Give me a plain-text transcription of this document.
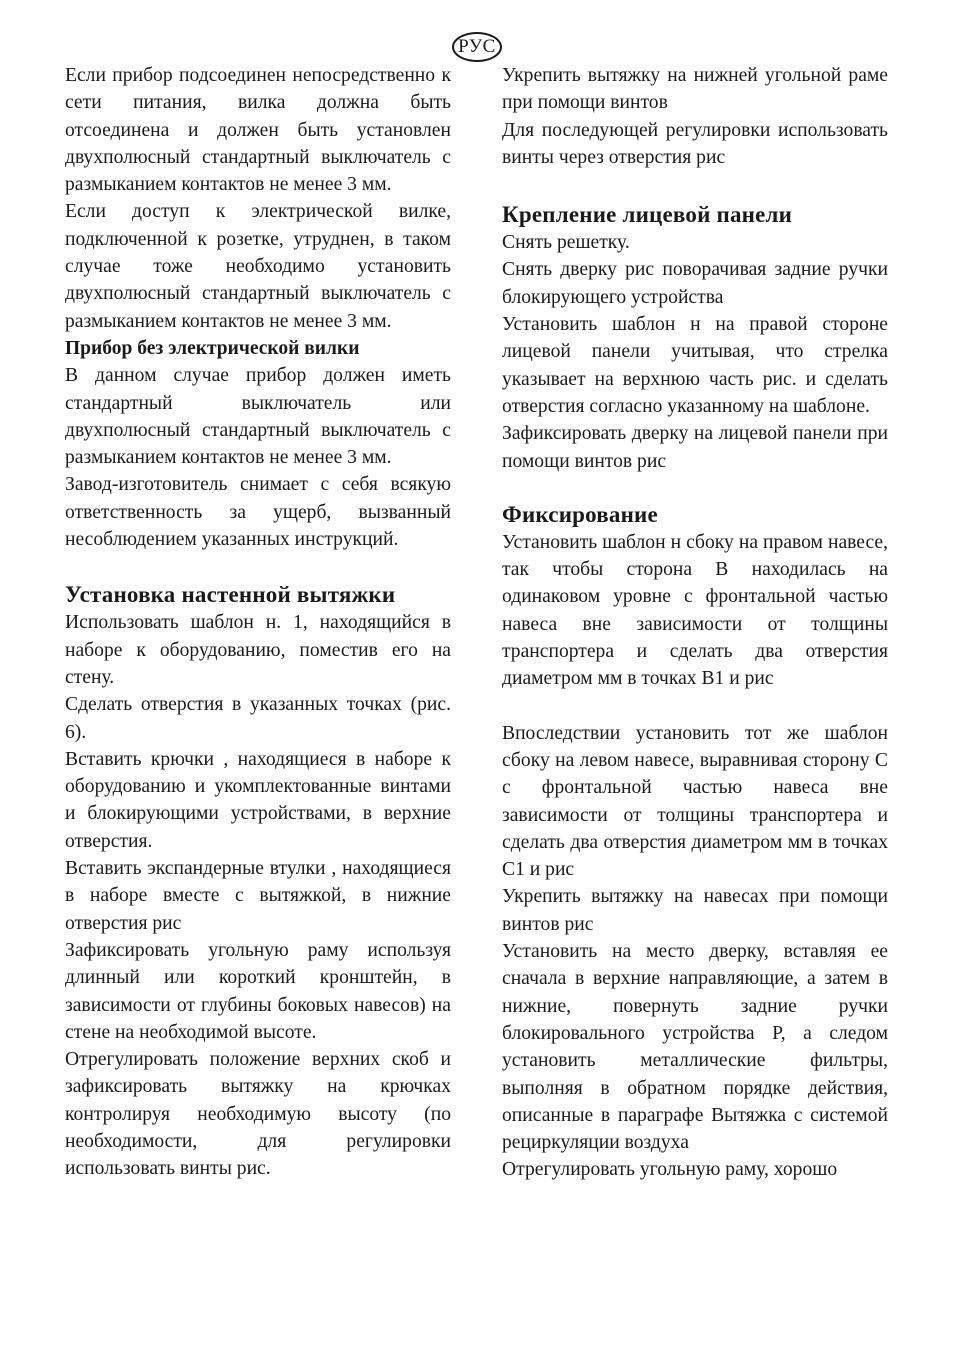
РУС

Если прибор подсоединен непосредственно к сети питания, вилка должна быть отсоединена и должен быть установлен двухполюсный стандартный выключатель с размыканием контактов не менее 3 мм.

Если доступ к электрической вилке, подключенной к розетке, утруднен, в таком случае тоже необходимо установить двухполюсный стандартный выключатель с размыканием контактов не менее 3 мм.

Прибор без электрической вилки

В данном случае прибор должен иметь стандартный выключатель или двухполюсный стандартный выключатель с размыканием контактов не менее 3 мм.

Завод-изготовитель снимает с себя всякую ответственность за ущерб, вызванный несоблюдением указанных инструкций.

Установка настенной вытяжки

Использовать шаблон н. 1, находящийся в наборе к оборудованию, поместив его на стену.

Сделать отверстия в указанных точках (рис. 6).

Вставить крючки , находящиеся в наборе к оборудованию и укомплектованные винтами и блокирующими устройствами, в верхние отверстия.

Вставить экспандерные втулки , находящиеся в наборе вместе с вытяжкой, в нижние отверстия рис

Зафиксировать угольную раму используя длинный или короткий кронштейн, в зависимости от глубины боковых навесов) на стене на необходимой высоте.

Отрегулировать положение верхних скоб и зафиксировать вытяжку на крючках контролируя необходимую высоту (по необходимости, для регулировки использовать винты рис.

Укрепить вытяжку на нижней угольной раме при помощи винтов

Для последующей регулировки использовать винты через отверстия рис

Крепление лицевой панели

Снять решетку.

Снять дверку рис поворачивая задние ручки блокирующего устройства

Установить шаблон н на правой стороне лицевой панели учитывая, что стрелка указывает на верхнюю часть рис. и сделать отверстия согласно указанному на шаблоне.

Зафиксировать дверку на лицевой панели при помощи винтов рис

Фиксирование

Установить шаблон н сбоку на правом навесе, так чтобы сторона B находилась на одинаковом уровне с фронтальной частью навеса вне зависимости от толщины транспортера и сделать два отверстия диаметром мм в точках B1 и рис

Впоследствии установить тот же шаблон сбоку на левом навесе, выравнивая сторону C с фронтальной частью навеса вне зависимости от толщины транспортера и сделать два отверстия диаметром мм в точках C1 и рис

Укрепить вытяжку на навесах при помощи винтов рис

Установить на место дверку, вставляя ее сначала в верхние направляющие, а затем в нижние, повернуть задние ручки блокировального устройства P, а следом установить металлические фильтры, выполняя в обратном порядке действия, описанные в параграфе Вытяжка с системой рециркуляции воздуха

Отрегулировать угольную раму, хорошо
